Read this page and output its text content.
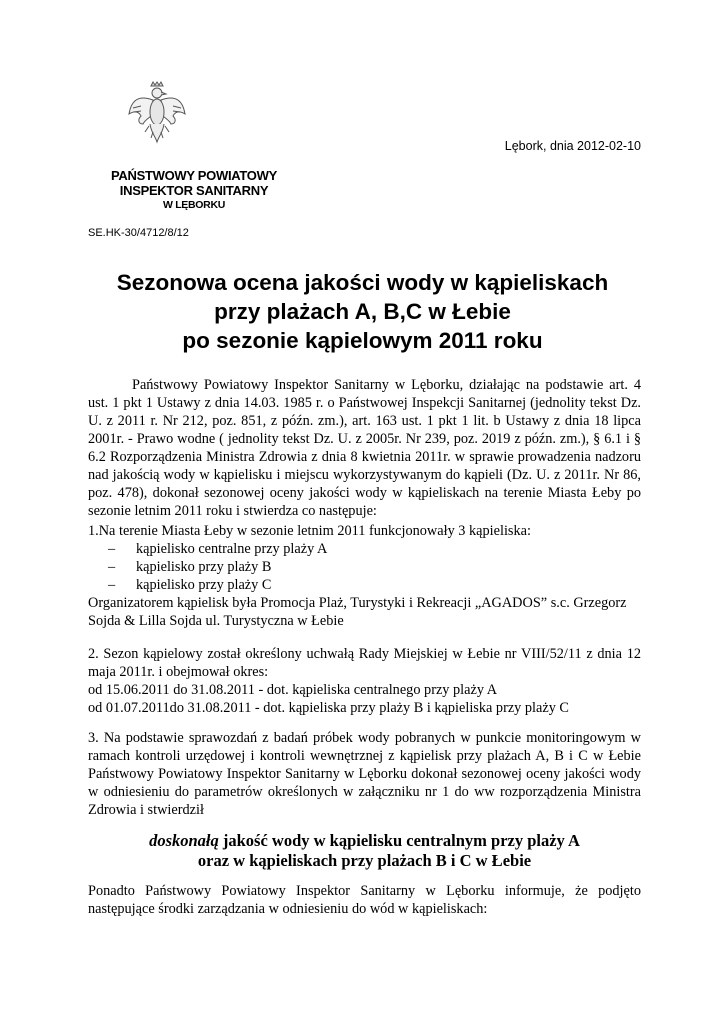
Lębork, dnia 2012-02-10
PAŃSTWOWY POWIATOWY
INSPEKTOR SANITARNY
W LĘBORKU
SE.HK-30/4712/8/12
Sezonowa ocena jakości wody w kąpieliskach
przy plażach A, B,C w Łebie
po sezonie kąpielowym 2011 roku

Państwowy Powiatowy Inspektor Sanitarny w Lęborku, działając na podstawie art. 4 ust. 1 pkt 1 Ustawy z dnia 14.03. 1985 r. o Państwowej Inspekcji Sanitarnej (jednolity tekst Dz. U. z 2011 r. Nr 212, poz. 851, z późn. zm.), art. 163 ust. 1 pkt 1 lit. b Ustawy z dnia 18 lipca 2001r. - Prawo wodne ( jednolity tekst Dz. U. z 2005r. Nr 239, poz. 2019 z późn. zm.), § 6.1 i § 6.2 Rozporządzenia Ministra Zdrowia z dnia 8 kwietnia 2011r. w sprawie prowadzenia nadzoru nad jakością wody w kąpielisku i miejscu wykorzystywanym do kąpieli (Dz. U. z 2011r. Nr 86, poz. 478), dokonał sezonowej oceny jakości wody w kąpieliskach na terenie Miasta Łeby po sezonie letnim 2011 roku i stwierdza co następuje:

1.Na terenie Miasta Łeby w sezonie letnim 2011 funkcjonowały 3 kąpieliska:
– kąpielisko centralne przy plaży A
– kąpielisko przy plaży B
– kąpielisko przy plaży C
Organizatorem kąpielisk była Promocja Plaż, Turystyki i Rekreacji „AGADOS” s.c. Grzegorz
Sojda & Lilla Sojda ul. Turystyczna w Łebie

2. Sezon kąpielowy został określony uchwałą Rady Miejskiej w Łebie nr VIII/52/11 z dnia 12 maja 2011r. i obejmował okres:

od 15.06.2011 do 31.08.2011 - dot. kąpieliska centralnego przy plaży A
od 01.07.2011do 31.08.2011 - dot. kąpieliska przy plaży B i kąpieliska przy plaży C

3. Na podstawie sprawozdań z badań próbek wody pobranych w punkcie monitoringowym w ramach kontroli urzędowej i kontroli wewnętrznej z kąpielisk przy plażach A, B i C w Łebie Państwowy Powiatowy Inspektor Sanitarny w Lęborku dokonał sezonowej oceny jakości wody w odniesieniu do parametrów określonych w załączniku nr 1 do ww rozporządzenia Ministra Zdrowia i stwierdził

doskonałą jakość wody w kąpielisku centralnym przy plaży A
oraz w kąpieliskach przy plażach B i C w Łebie

Ponadto Państwowy Powiatowy Inspektor Sanitarny w Lęborku informuje, że podjęto następujące środki zarządzania w odniesieniu do wód w kąpieliskach:
